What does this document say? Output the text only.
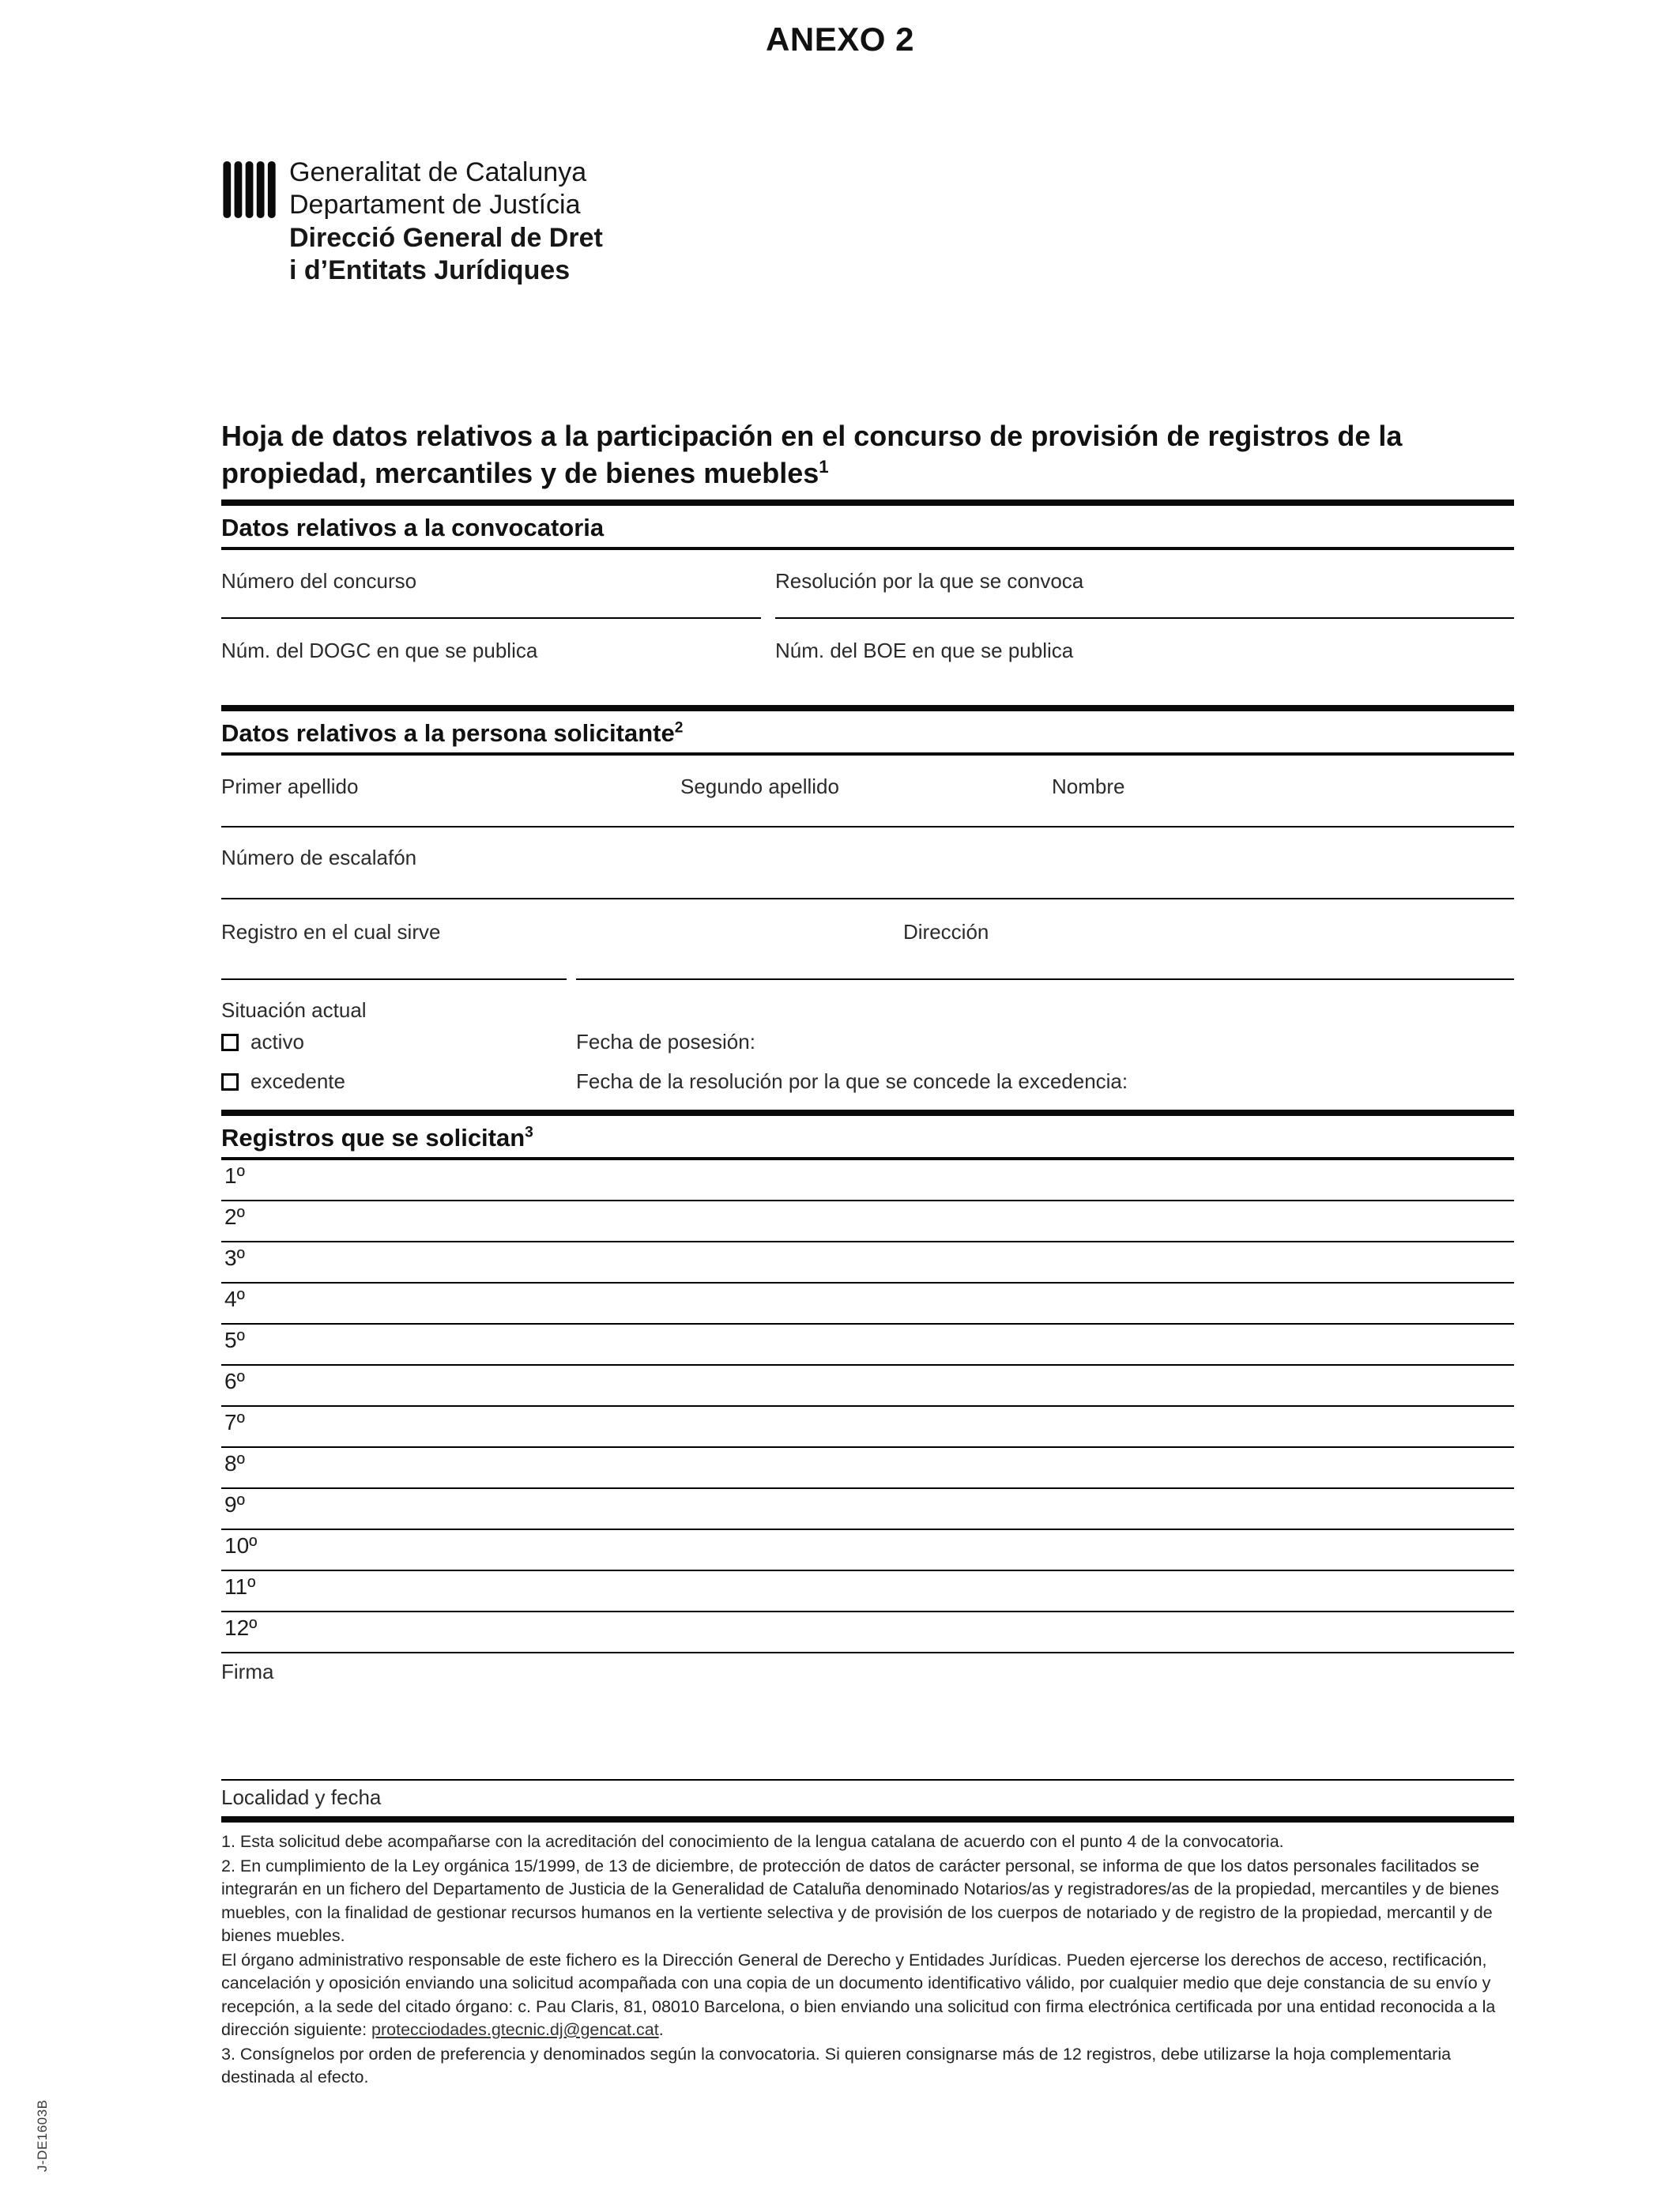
ANEXO 2
Generalitat de Catalunya
Departament de Justícia
Direcció General de Dret
i d’Entitats Jurídiques
Hoja de datos relativos a la participación en el concurso de provisión de registros de la propiedad, mercantiles y de bienes muebles$^1$
Datos relativos a la convocatoria
Número del concurso	Resolución por la que se convoca
Núm. del DOGC en que se publica	Núm. del BOE en que se publica
Datos relativos a la persona solicitante$^2$
Primer apellido	Segundo apellido	Nombre
Número de escalafón
Registro en el cual sirve	Dirección
Situación actual
activo	Fecha de posesión:
excedente	Fecha de la resolución por la que se concede la excedencia:
Registros que se solicitan$^3$
1º
2º
3º
4º
5º
6º
7º
8º
9º
10º
11º
12º
Firma
Localidad y fecha

1. Esta solicitud debe acompañarse con la acreditación del conocimiento de la lengua catalana de acuerdo con el punto 4 de la convocatoria.

2. En cumplimiento de la Ley orgánica 15/1999, de 13 de diciembre, de protección de datos de carácter personal, se informa de que los datos personales facilitados se integrarán en un fichero del Departamento de Justicia de la Generalidad de Cataluña denominado Notarios/as y registradores/as de la propiedad, mercantiles y de bienes muebles, con la finalidad de gestionar recursos humanos en la vertiente selectiva y de provisión de los cuerpos de notariado y de registro de la propiedad, mercantil y de bienes muebles.

El órgano administrativo responsable de este fichero es la Dirección General de Derecho y Entidades Jurídicas. Pueden ejercerse los derechos de acceso, rectificación, cancelación y oposición enviando una solicitud acompañada con una copia de un documento identificativo válido, por cualquier medio que deje constancia de su envío y recepción, a la sede del citado órgano: c. Pau Claris, 81, 08010 Barcelona, o bien enviando una solicitud con firma electrónica certificada por una entidad reconocida a la dirección siguiente: protecciodades.gtecnic.dj@gencat.cat.

3. Consígnelos por orden de preferencia y denominados según la convocatoria. Si quieren consignarse más de 12 registros, debe utilizarse la hoja complementaria destinada al efecto.

J-DE1603B
